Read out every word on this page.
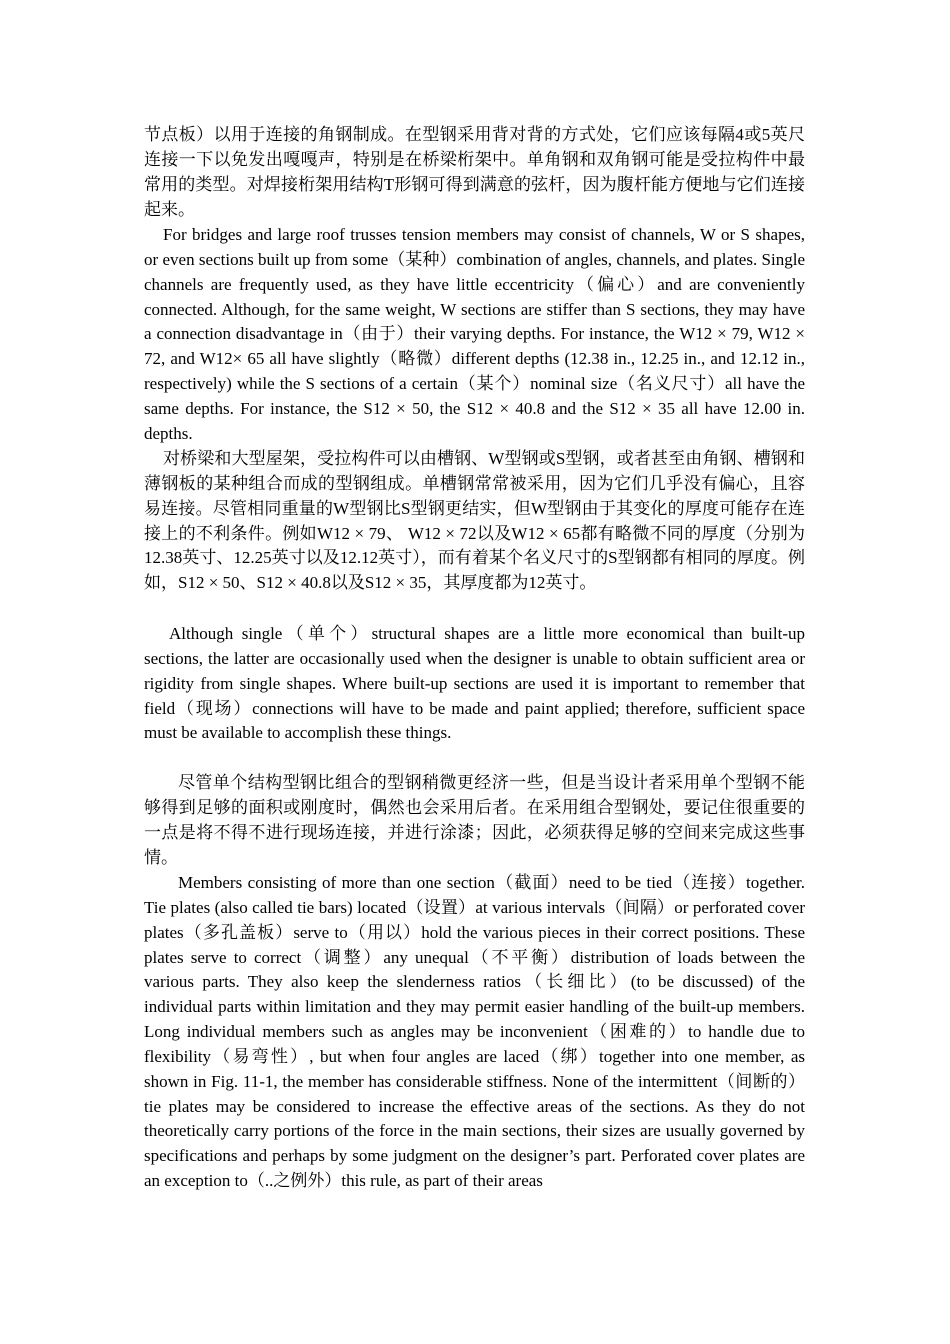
节点板）以用于连接的角钢制成。在型钢采用背对背的方式处，它们应该每隔4或5英尺连接一下以免发出嘎嘎声，特别是在桥梁桁架中。单角钢和双角钢可能是受拉构件中最常用的类型。对焊接桁架用结构T形钢可得到满意的弦杆，因为腹杆能方便地与它们连接起来。

For bridges and large roof trusses tension members may consist of channels, W or S shapes, or even sections built up from some（某种）combination of angles, channels, and plates. Single channels are frequently used, as they have little eccentricity（偏心）and are conveniently connected. Although, for the same weight, W sections are stiffer than S sections, they may have a connection disadvantage in（由于）their varying depths. For instance, the W12 × 79, W12 × 72, and W12× 65 all have slightly（略微）different depths (12.38 in., 12.25 in., and 12.12 in., respectively) while the S sections of a certain（某个）nominal size（名义尺寸）all have the same depths. For instance, the S12 × 50, the S12 × 40.8 and the S12 × 35 all have 12.00 in. depths.

对桥梁和大型屋架，受拉构件可以由槽钢、W型钢或S型钢，或者甚至由角钢、槽钢和薄钢板的某种组合而成的型钢组成。单槽钢常常被采用，因为它们几乎没有偏心，且容易连接。尽管相同重量的W型钢比S型钢更结实，但W型钢由于其变化的厚度可能存在连接上的不利条件。例如W12 × 79、 W12 × 72以及W12 × 65都有略微不同的厚度（分别为12.38英寸、12.25英寸以及12.12英寸），而有着某个名义尺寸的S型钢都有相同的厚度。例如，S12 × 50、S12 × 40.8以及S12 × 35，其厚度都为12英寸。

Although single（单个）structural shapes are a little more economical than built-up sections, the latter are occasionally used when the designer is unable to obtain sufficient area or rigidity from single shapes. Where built-up sections are used it is important to remember that field（现场）connections will have to be made and paint applied; therefore, sufficient space must be available to accomplish these things.

尽管单个结构型钢比组合的型钢稍微更经济一些，但是当设计者采用单个型钢不能够得到足够的面积或刚度时，偶然也会采用后者。在采用组合型钢处，要记住很重要的一点是将不得不进行现场连接，并进行涂漆；因此，必须获得足够的空间来完成这些事情。

Members consisting of more than one section（截面）need to be tied（连接）together. Tie plates (also called tie bars) located（设置）at various intervals（间隔）or perforated cover plates（多孔盖板）serve to（用以）hold the various pieces in their correct positions. These plates serve to correct（调整）any unequal（不平衡）distribution of loads between the various parts. They also keep the slenderness ratios（长细比）(to be discussed) of the individual parts within limitation and they may permit easier handling of the built-up members. Long individual members such as angles may be inconvenient（困难的）to handle due to flexibility（易弯性）, but when four angles are laced（绑）together into one member, as shown in Fig. 11-1, the member has considerable stiffness. None of the intermittent（间断的）tie plates may be considered to increase the effective areas of the sections. As they do not theoretically carry portions of the force in the main sections, their sizes are usually governed by specifications and perhaps by some judgment on the designer’s part. Perforated cover plates are an exception to（..之例外）this rule, as part of their areas
